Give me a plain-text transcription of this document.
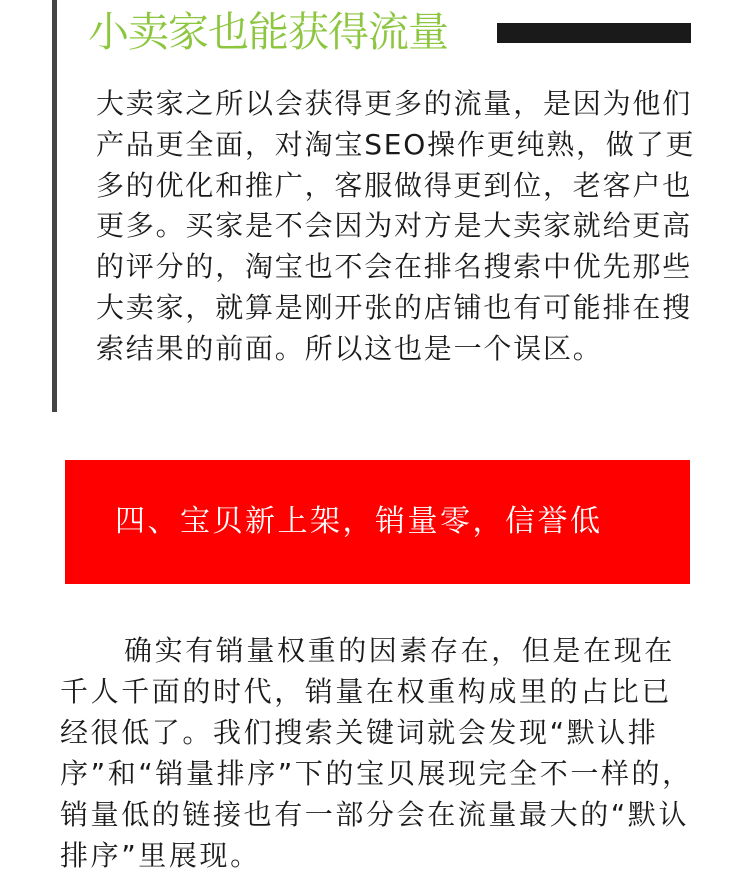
小卖家也能获得流量

大卖家之所以会获得更多的流量，是因为他们产品更全面，对淘宝SEO操作更纯熟，做了更多的优化和推广，客服做得更到位，老客户也更多。买家是不会因为对方是大卖家就给更高的评分的，淘宝也不会在排名搜索中优先那些大卖家，就算是刚开张的店铺也有可能排在搜索结果的前面。所以这也是一个误区。

四、宝贝新上架，销量零，信誉低

确实有销量权重的因素存在，但是在现在千人千面的时代，销量在权重构成里的占比已经很低了。我们搜索关键词就会发现“默认排序”和“销量排序”下的宝贝展现完全不一样的，销量低的链接也有一部分会在流量最大的“默认排序”里展现。
